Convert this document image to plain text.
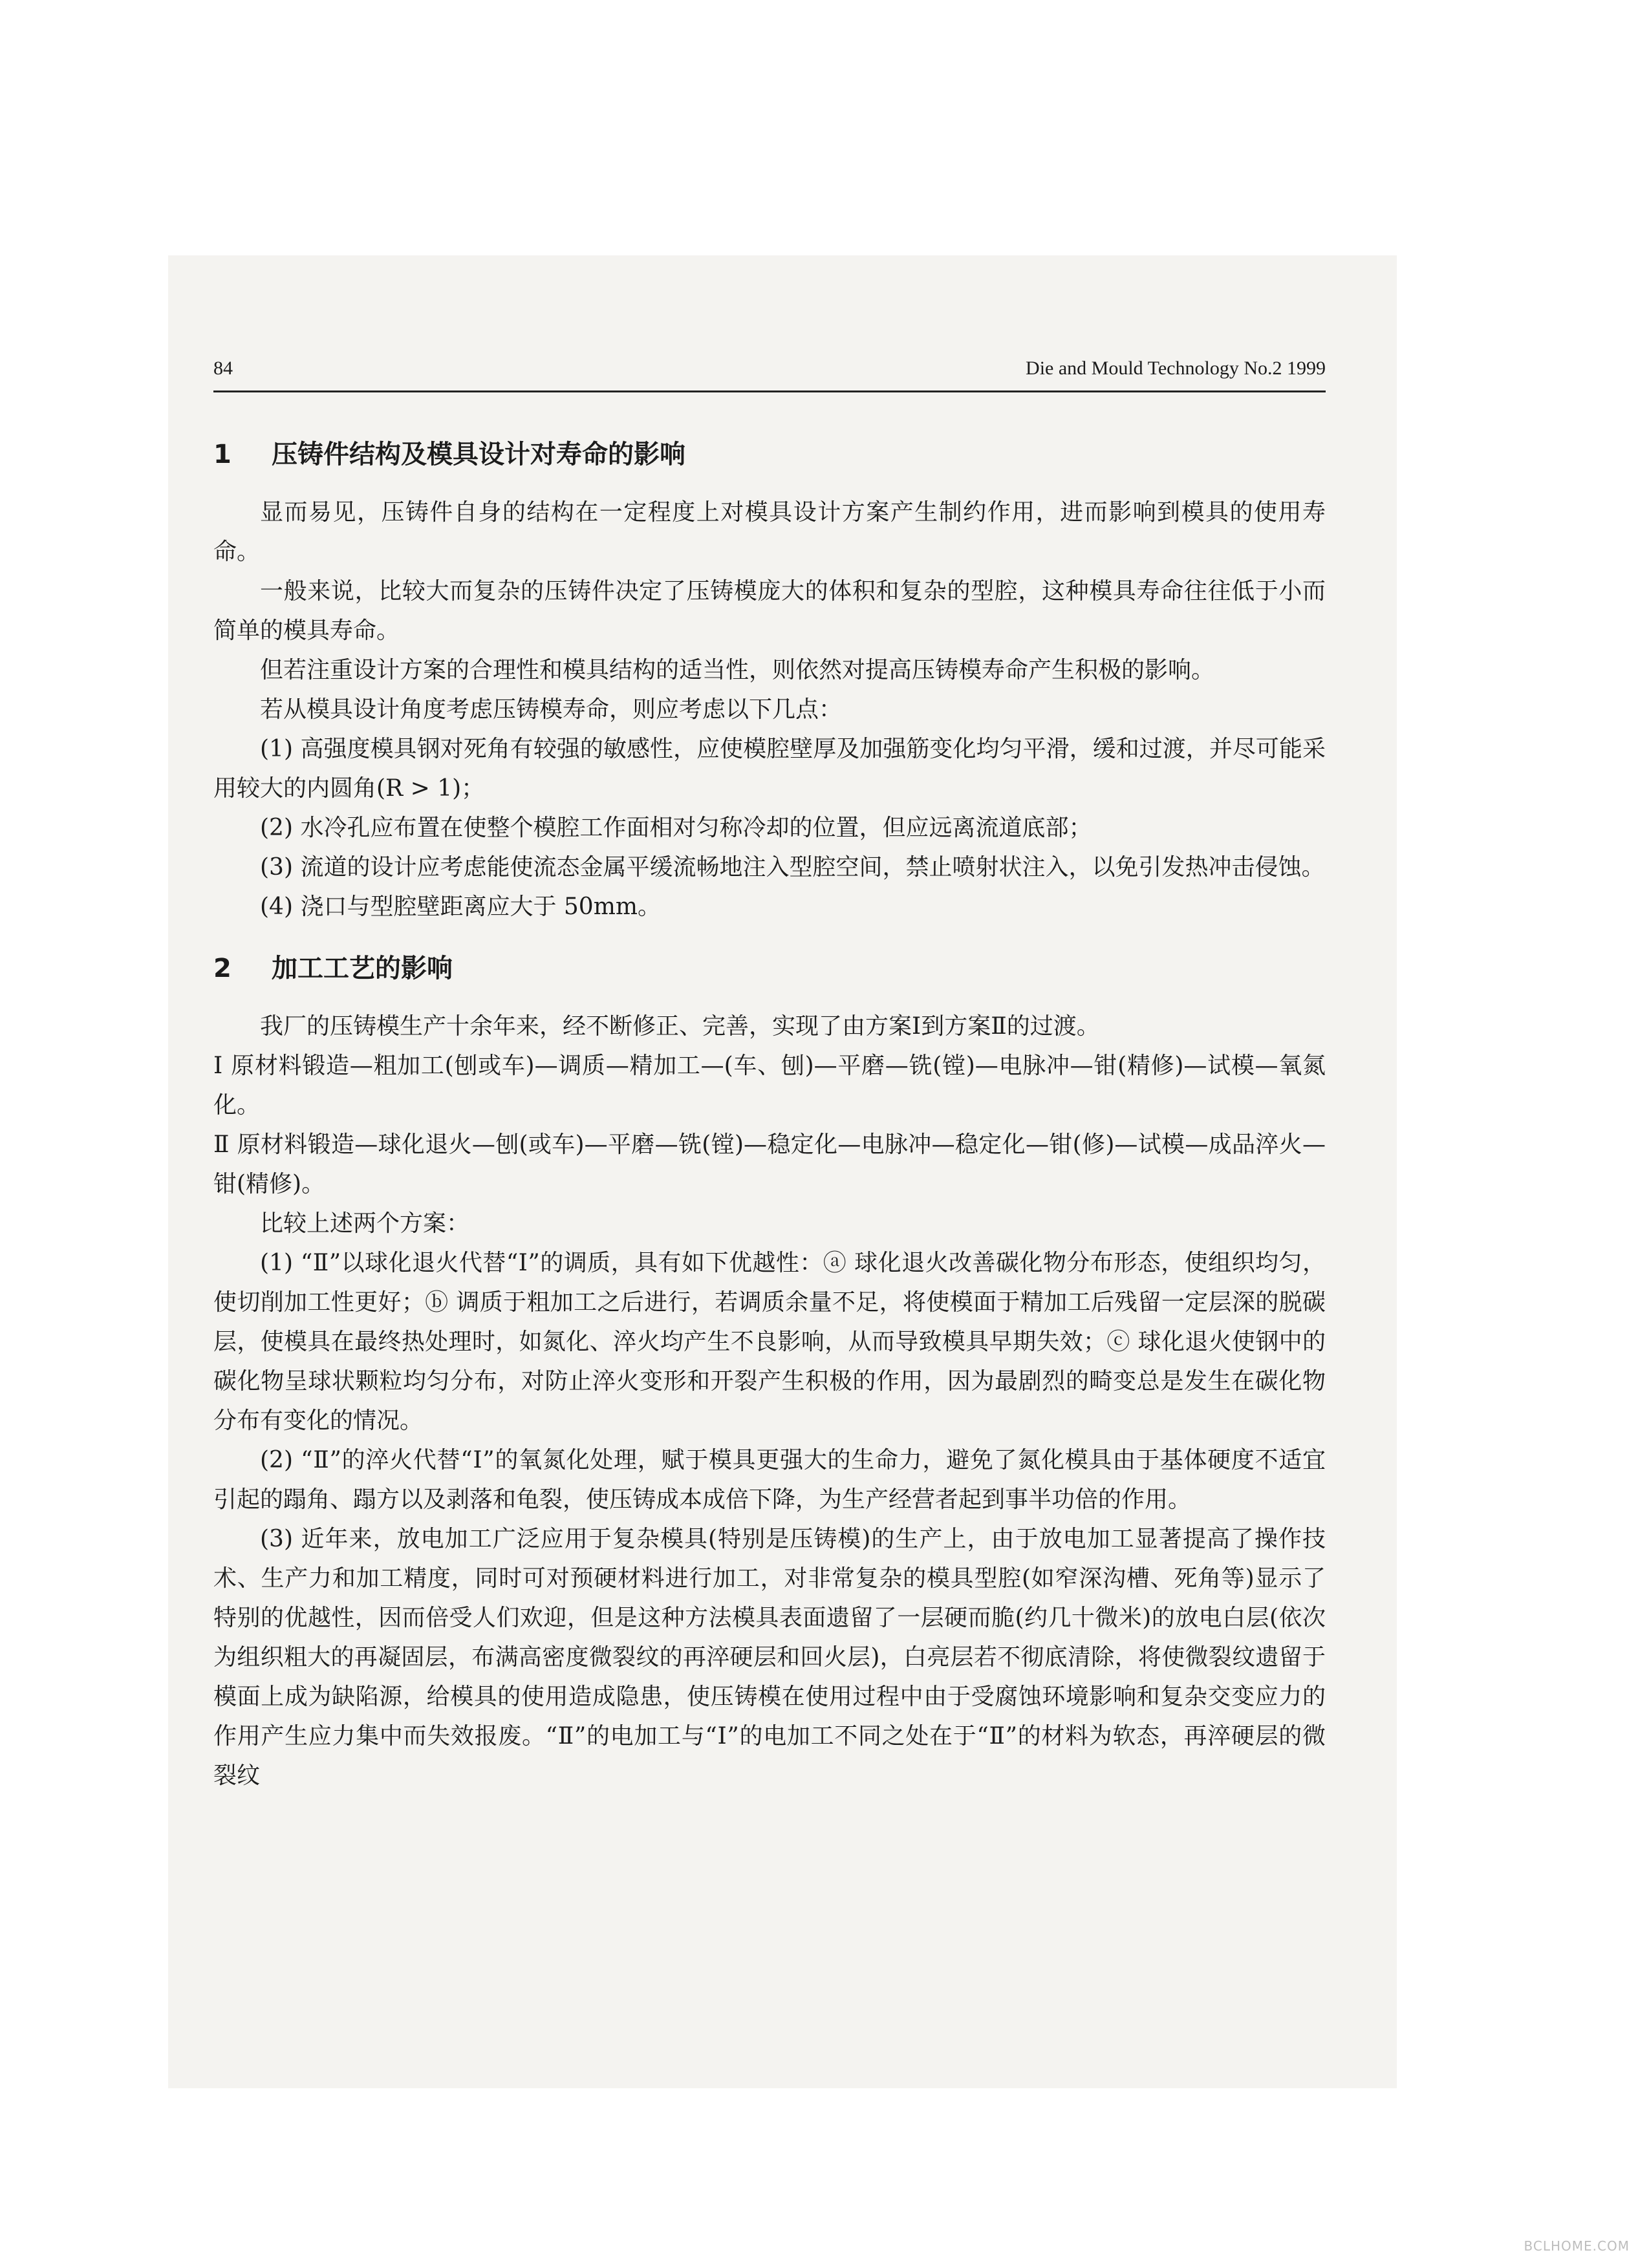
84	Die and Mould Technology No.2 1999
1 压铸件结构及模具设计对寿命的影响

显而易见，压铸件自身的结构在一定程度上对模具设计方案产生制约作用，进而影响到模具的使用寿命。

一般来说，比较大而复杂的压铸件决定了压铸模庞大的体积和复杂的型腔，这种模具寿命往往低于小而简单的模具寿命。

但若注重设计方案的合理性和模具结构的适当性，则依然对提高压铸模寿命产生积极的影响。

若从模具设计角度考虑压铸模寿命，则应考虑以下几点：

(1) 高强度模具钢对死角有较强的敏感性，应使模腔壁厚及加强筋变化均匀平滑，缓和过渡，并尽可能采用较大的内圆角(R > 1)；

(2) 水冷孔应布置在使整个模腔工作面相对匀称冷却的位置，但应远离流道底部；

(3) 流道的设计应考虑能使流态金属平缓流畅地注入型腔空间，禁止喷射状注入，以免引发热冲击侵蚀。

(4) 浇口与型腔壁距离应大于 50mm。

2 加工工艺的影响

我厂的压铸模生产十余年来，经不断修正、完善，实现了由方案Ⅰ到方案Ⅱ的过渡。

Ⅰ 原材料锻造—粗加工(刨或车)—调质—精加工—(车、刨)—平磨—铣(镗)—电脉冲—钳(精修)—试模—氧氮化。

Ⅱ 原材料锻造—球化退火—刨(或车)—平磨—铣(镗)—稳定化—电脉冲—稳定化—钳(修)—试模—成品淬火—钳(精修)。

比较上述两个方案：

(1) “Ⅱ”以球化退火代替“Ⅰ”的调质，具有如下优越性：ⓐ 球化退火改善碳化物分布形态，使组织均匀，使切削加工性更好；ⓑ 调质于粗加工之后进行，若调质余量不足，将使模面于精加工后残留一定层深的脱碳层，使模具在最终热处理时，如氮化、淬火均产生不良影响，从而导致模具早期失效；ⓒ 球化退火使钢中的碳化物呈球状颗粒均匀分布，对防止淬火变形和开裂产生积极的作用，因为最剧烈的畸变总是发生在碳化物分布有变化的情况。

(2) “Ⅱ”的淬火代替“Ⅰ”的氧氮化处理，赋于模具更强大的生命力，避免了氮化模具由于基体硬度不适宜引起的蹋角、蹋方以及剥落和龟裂，使压铸成本成倍下降，为生产经营者起到事半功倍的作用。

(3) 近年来，放电加工广泛应用于复杂模具(特别是压铸模)的生产上，由于放电加工显著提高了操作技术、生产力和加工精度，同时可对预硬材料进行加工，对非常复杂的模具型腔(如窄深沟槽、死角等)显示了特别的优越性，因而倍受人们欢迎，但是这种方法模具表面遗留了一层硬而脆(约几十微米)的放电白层(依次为组织粗大的再凝固层，布满高密度微裂纹的再淬硬层和回火层)，白亮层若不彻底清除，将使微裂纹遗留于模面上成为缺陷源，给模具的使用造成隐患，使压铸模在使用过程中由于受腐蚀环境影响和复杂交变应力的作用产生应力集中而失效报废。“Ⅱ”的电加工与“Ⅰ”的电加工不同之处在于“Ⅱ”的材料为软态，再淬硬层的微裂纹

BCLHOME.COM
